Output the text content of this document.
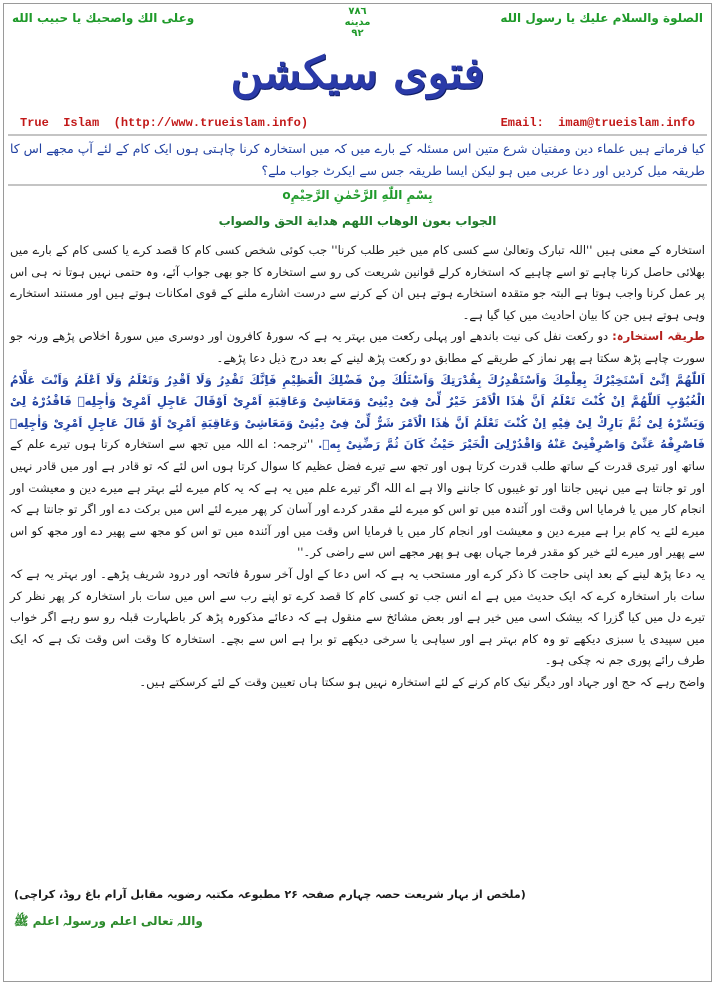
وعلى الك واصحبك يا حبيب الله	٧٨٦
مدينه
٩٢
الصلوة والسلام عليك يا رسول الله
فتوی سیکشن
True  Islam  (http://www.trueislam.info)	Email:  imam@trueislam.info
کیا فرماتے ہیں علماء دین ومفتیان شرع متین اس مسئلہ کے بارے میں کہ میں استخارہ کرنا چاہتی ہوں ایک کام کے لئے آپ مجھے اس کا طریقہ میل کردیں اور دعا عربی میں ہو لیکن ایسا طریقہ جس سے ایکرٹ جواب ملے؟
بِسْمِ اللّٰهِ الرَّحْمٰنِ الرَّحِيْمِo
الجواب بعون الوهاب اللهم هداية الحق والصواب

استخارہ کے معنی ہیں ''اللہ تبارک وتعالیٰ سے کسی کام میں خیر طلب کرنا'' جب کوئی شخص کسی کام کا قصد کرے یا کسی کام کے بارے میں بھلائی حاصل کرنا چاہے تو اسے چاہیے کہ استخارہ کرلے قوانین شریعت کی رو سے استخارہ کا جو بھی جواب آئے، وہ حتمی نہیں ہوتا نہ ہی اس پر عمل کرنا واجب ہوتا ہے البتہ جو متقدہ استخارے ہوتے ہیں ان کے کرنے سے درست اشارے ملنے کے قوی امکانات ہوتے ہیں اور مستند استخارے وہی ہوتے ہیں جن کا بیان احادیث میں کیا گیا ہے۔

طریقہ استخارہ: دو رکعت نفل کی نیت باندھے اور پہلی رکعت میں بہتر یہ ہے کہ سورۂ کافرون اور دوسری میں سورۂ اخلاص پڑھے ورنہ جو سورت چاہے پڑھ سکتا ہے پھر نماز کے طریقے کے مطابق دو رکعت پڑھ لینے کے بعد درج ذیل دعا پڑھے۔

اَللّٰهُمَّ اِنِّیْ اَسْتَخِيْرُكَ بِعِلْمِكَ وَاَسْتَقْدِرُكَ بِقُدْرَتِكَ وَاَسْئَلُكَ مِنْ فَضْلِكَ الْعَظِيْمِ فَاِنَّكَ تَقْدِرُ وَلَا اَقْدِرُ وَتَعْلَمُ وَلَا اَعْلَمُ وَاَنْتَ عَلَّامُ الْغُيُوْبِ اَللّٰهُمَّ اِنْ كُنْتَ تَعْلَمُ اَنَّ هٰذَا الْاَمْرَ خَيْرٌ لِّیْ فِیْ دِيْنِیْ وَمَعَاشِیْ وَعَاقِبَةِ اَمْرِیْ اَوْقَالَ عَاجِلِ اَمْرِیْ وَاٰجِلِهٖ فَاقْدُرْهُ لِیْ وَيَسِّرْهُ لِیْ ثُمَّ بَارِكْ لِیْ فِيْهِ اِنْ كُنْتَ تَعْلَمُ اَنَّ هٰذَا الْاَمْرَ شَرٌّ لِّیْ فِیْ دِيْنِیْ وَمَعَاشِیْ وَعَاقِبَةِ اَمْرِیْ اَوْ قَالَ عَاجِلِ اَمْرِیْ وَاٰجِلِهٖ فَاصْرِفْهُ عَنِّیْ وَاصْرِفْنِیْ عَنْهُ وَاقْدُرْلِیَ الْخَيْرَ حَيْثُ كَانَ ثُمَّ رَضِّنِیْ بِهٖ. ''ترجمہ: اے اللہ میں تجھ سے استخارہ کرتا ہوں تیرے علم کے ساتھ اور تیری قدرت کے ساتھ طلب قدرت کرتا ہوں اور تجھ سے تیرے فضل عظیم کا سوال کرتا ہوں اس لئے کہ تو قادر ہے اور میں قادر نہیں اور تو جانتا ہے میں نہیں جانتا اور تو غیبوں کا جاننے والا ہے اے اللہ اگر تیرے علم میں یہ ہے کہ یہ کام میرے لئے بہتر ہے میرے دین و معیشت اور انجام کار میں یا فرمایا اس وقت اور آئندہ میں تو اس کو میرے لئے مقدر کردے اور آسان کر پھر میرے لئے اس میں برکت دے اور اگر تو جانتا ہے کہ میرے لئے یہ کام برا ہے میرے دین و معیشت اور انجام کار میں یا فرمایا اس وقت میں اور آئندہ میں تو اس کو مجھ سے پھیر دے اور مجھ کو اس سے پھیر اور میرے لئے خیر کو مقدر فرما جہاں بھی ہو پھر مجھے اس سے راضی کر۔''

یہ دعا پڑھ لینے کے بعد اپنی حاجت کا ذکر کرے اور مستحب یہ ہے کہ اس دعا کے اول آخر سورۂ فاتحہ اور درود شریف پڑھے۔ اور بہتر یہ ہے کہ سات بار استخارہ کرے کہ ایک حدیث میں ہے اے انس جب تو کسی کام کا قصد کرے تو اپنے رب سے اس میں سات بار استخارہ کر پھر نظر کر تیرے دل میں کیا گزرا کہ بیشک اسی میں خیر ہے اور بعض مشائخ سے منقول ہے کہ دعائے مذکورہ پڑھ کر باطہارت قبلہ رو سو رہے اگر خواب میں سپیدی یا سبزی دیکھے تو وہ کام بہتر ہے اور سیاہی یا سرخی دیکھے تو برا ہے اس سے بچے۔ استخارہ کا وقت اس وقت تک ہے کہ ایک طرف رائے پوری جم نہ چکی ہو۔

واضح رہے کہ حج اور جہاد اور دیگر نیک کام کرنے کے لئے استخارہ نہیں ہو سکتا ہاں تعیین وقت کے لئے کرسکتے ہیں۔

(ملخص از بہار شریعت حصہ چہارم صفحہ ۲۶ مطبوعہ مکتبہ رضویہ مقابل آرام باغ روڈ، کراچی)
واللہ تعالی اعلم ورسولہ اعلم ﷺ
